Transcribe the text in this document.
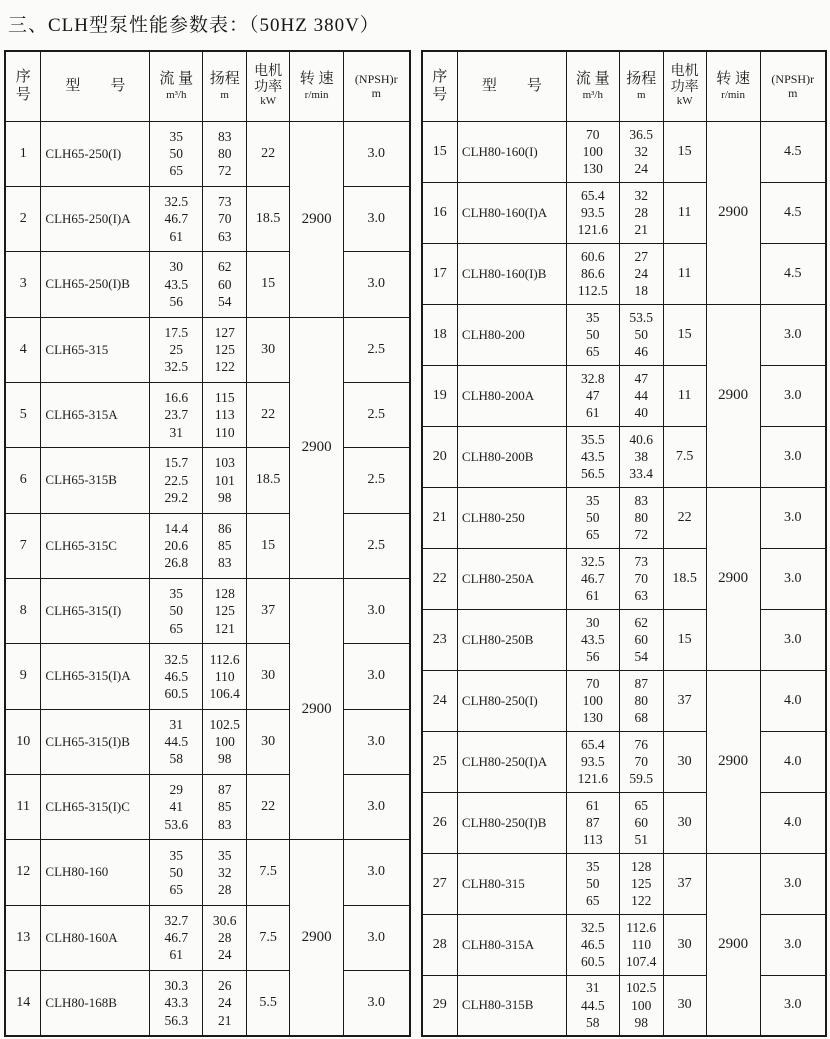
三、CLH型泵性能参数表：（50HZ 380V）
序
号

型　　号	流 量
m³/h

扬程
m

电机
功率
kW

转 速
r/min

(NPSH)r
m

1	CLH65-250(I)	
35
50
65

83
80
72
	22	2900	3.0
2	CLH65-250(I)A	
32.5
46.7
61

73
70
63
	18.5	3.0
3	CLH65-250(I)B	
30
43.5
56

62
60
54
	15	3.0
4	CLH65-315	
17.5
25
32.5

127
125
122
	30	2900	2.5
5	CLH65-315A	
16.6
23.7
31

115
113
110
	22	2.5
6	CLH65-315B	
15.7
22.5
29.2

103
101
98
	18.5	2.5
7	CLH65-315C	
14.4
20.6
26.8

86
85
83
	15	2.5
8	CLH65-315(I)	
35
50
65

128
125
121
	37	2900	3.0
9	CLH65-315(I)A	
32.5
46.5
60.5

112.6
110
106.4
	30	3.0
10	CLH65-315(I)B	
31
44.5
58

102.5
100
98
	30	3.0
11	CLH65-315(I)C	
29
41
53.6

87
85
83
	22	3.0
12	CLH80-160	
35
50
65

35
32
28
	7.5	2900	3.0
13	CLH80-160A	
32.7
46.7
61

30.6
28
24
	7.5	3.0
14	CLH80-168B	
30.3
43.3
56.3

26
24
21
	5.5	3.0
序
号

型　　号	流 量
m³/h

扬程
m

电机
功率
kW

转 速
r/min

(NPSH)r
m

15	CLH80-160(I)	
70
100
130

36.5
32
24
	15	2900	4.5
16	CLH80-160(I)A	
65.4
93.5
121.6

32
28
21
	11	4.5
17	CLH80-160(I)B	
60.6
86.6
112.5

27
24
18
	11	4.5
18	CLH80-200	
35
50
65

53.5
50
46
	15	2900	3.0
19	CLH80-200A	
32.8
47
61

47
44
40
	11	3.0
20	CLH80-200B	
35.5
43.5
56.5

40.6
38
33.4
	7.5	3.0
21	CLH80-250	
35
50
65

83
80
72
	22	2900	3.0
22	CLH80-250A	
32.5
46.7
61

73
70
63
	18.5	3.0
23	CLH80-250B	
30
43.5
56

62
60
54
	15	3.0
24	CLH80-250(I)	
70
100
130

87
80
68
	37	2900	4.0
25	CLH80-250(I)A	
65.4
93.5
121.6

76
70
59.5
	30	4.0
26	CLH80-250(I)B	
61
87
113

65
60
51
	30	4.0
27	CLH80-315	
35
50
65

128
125
122
	37	2900	3.0
28	CLH80-315A	
32.5
46.5
60.5

112.6
110
107.4
	30	3.0
29	CLH80-315B	
31
44.5
58

102.5
100
98
	30	3.0
